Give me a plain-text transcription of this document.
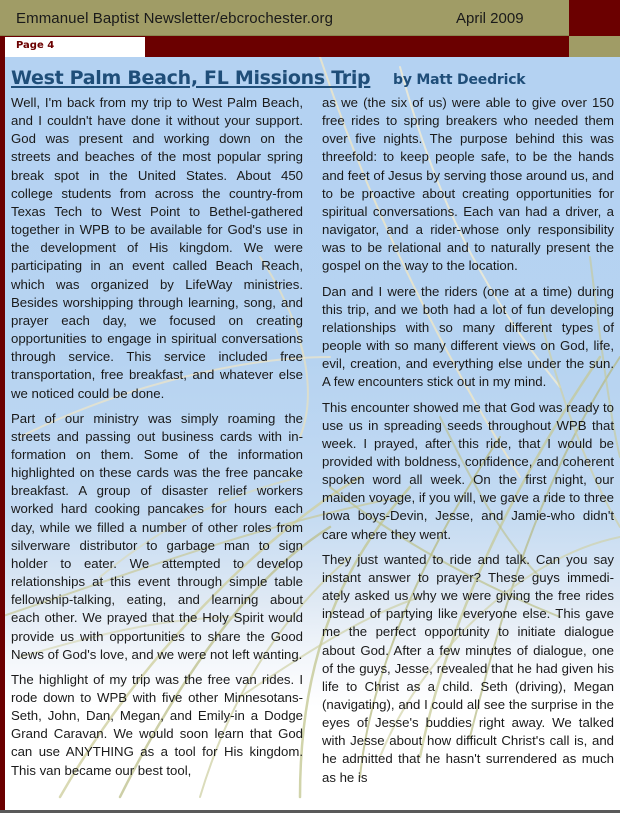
Emmanuel Baptist Newsletter/ebcrochester.org	April 2009
Page 4
West Palm Beach, FL Missions Trip by Matt Deedrick

Well, I'm back from my trip to West Palm Beach, and I couldn't have done it without your support. God was present and working down on the streets and beaches of the most popular spring break spot in the United States. About 450 college students from across the country-from Texas Tech to West Point to Bethel-gathered together in WPB to be available for God's use in the development of His kingdom. We were participating in an event called Beach Reach, which was organized by LifeWay ministries. Besides worshipping through learning, song, and prayer each day, we focused on creating opportunities to engage in spiritual conversations through service. This service included free transportation, free breakfast, and whatever else we noticed could be done.

Part of our ministry was simply roaming the streets and passing out business cards with information on them. Some of the information highlighted on these cards was the free pancake breakfast. A group of disaster relief workers worked hard cooking pancakes for hours each day, while we filled a number of other roles from silverware distributor to garbage man to sign holder to eater. We attempted to develop relationships at this event through simple table fellowship-talking, eating, and learning about each other. We prayed that the Holy Spirit would provide us with opportunities to share the Good News of God's love, and we were not left wanting.

The highlight of my trip was the free van rides. I rode down to WPB with five other Minnesotans-Seth, John, Dan, Megan, and Emily-in a Dodge Grand Caravan. We would soon learn that God can use ANYTHING as a tool for His kingdom. This van became our best tool,

as we (the six of us) were able to give over 150 free rides to spring breakers who needed them over five nights. The purpose behind this was threefold: to keep people safe, to be the hands and feet of Jesus by serving those around us, and to be proactive about creating opportunities for spiritual conversations. Each van had a driver, a navigator, and a rider-whose only responsibility was to be relational and to naturally present the gospel on the way to the location.

Dan and I were the riders (one at a time) during this trip, and we both had a lot of fun developing relationships with so many different types of people with so many different views on God, life, evil, creation, and everything else under the sun. A few encounters stick out in my mind.

This encounter showed me that God was ready to use us in spreading seeds throughout WPB that week. I prayed, after this ride, that I would be provided with boldness, confidence, and coherent spoken word all week. On the first night, our maiden voyage, if you will, we gave a ride to three Iowa boys-Devin, Jesse, and Jamie-who didn't care where they went.

They just wanted to ride and talk. Can you say instant answer to prayer? These guys immediately asked us why we were giving the free rides instead of partying like everyone else. This gave me the perfect opportunity to initiate dialogue about God. After a few minutes of dialogue, one of the guys, Jesse, revealed that he had given his life to Christ as a child. Seth (driving), Megan (navigating), and I could all see the surprise in the eyes of Jesse's buddies right away. We talked with Jesse about how difficult Christ's call is, and he admitted that he hasn't surrendered as much as he is
